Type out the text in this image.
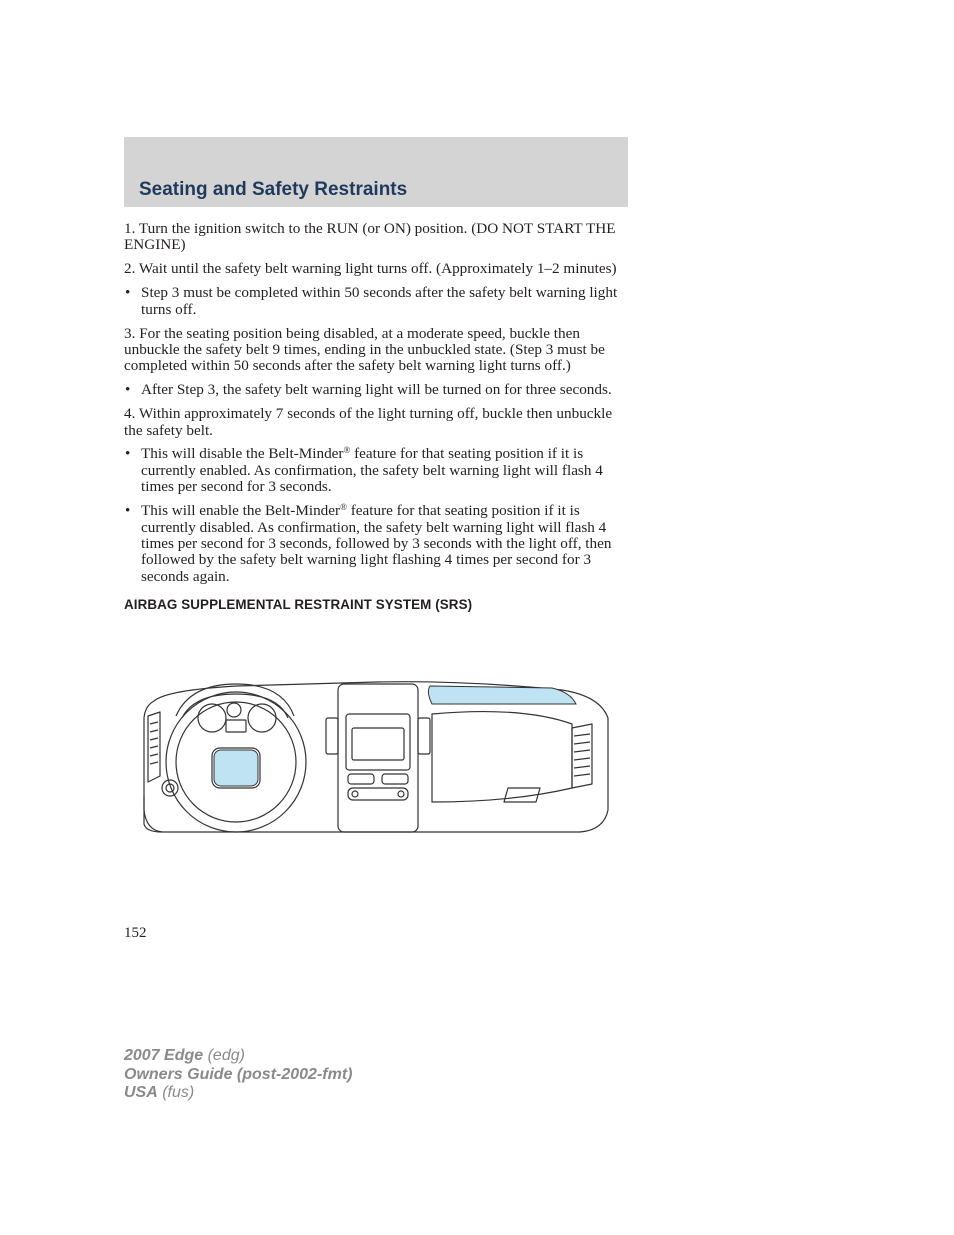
Seating and Safety Restraints

1. Turn the ignition switch to the RUN (or ON) position. (DO NOT START THE ENGINE)

2. Wait until the safety belt warning light turns off. (Approximately 1–2 minutes)

• Step 3 must be completed within 50 seconds after the safety belt warning light turns off.

3. For the seating position being disabled, at a moderate speed, buckle then unbuckle the safety belt 9 times, ending in the unbuckled state. (Step 3 must be completed within 50 seconds after the safety belt warning light turns off.)

• After Step 3, the safety belt warning light will be turned on for three seconds.

4. Within approximately 7 seconds of the light turning off, buckle then unbuckle the safety belt.

• This will disable the Belt-Minder® feature for that seating position if it is currently enabled. As confirmation, the safety belt warning light will flash 4 times per second for 3 seconds.
• This will enable the Belt-Minder® feature for that seating position if it is currently disabled. As confirmation, the safety belt warning light will flash 4 times per second for 3 seconds, followed by 3 seconds with the light off, then followed by the safety belt warning light flashing 4 times per second for 3 seconds again.
AIRBAG SUPPLEMENTAL RESTRAINT SYSTEM (SRS)
152
2007 Edge (edg)
Owners Guide (post-2002-fmt)
USA (fus)
